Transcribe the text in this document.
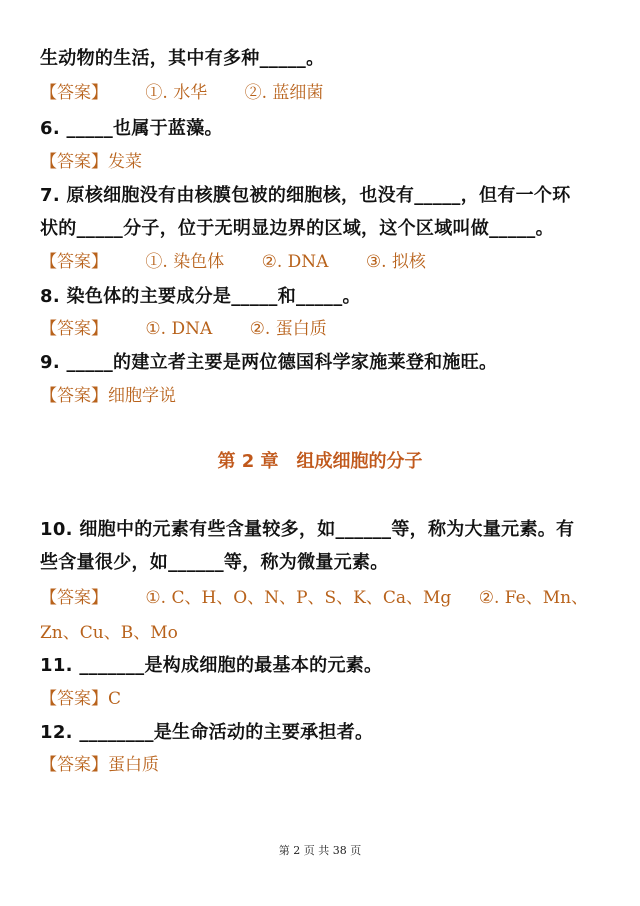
生动物的生活，其中有多种_____。

【答案】 ①. 水华 ②. 蓝细菌

6. _____也属于蓝藻。

【答案】发菜

7. 原核细胞没有由核膜包被的细胞核，也没有_____，但有一个环

状的_____分子，位于无明显边界的区域，这个区域叫做_____。

【答案】 ①. 染色体 ②. DNA ③. 拟核

8. 染色体的主要成分是_____和_____。

【答案】 ①. DNA ②. 蛋白质

9. _____的建立者主要是两位德国科学家施莱登和施旺。

【答案】细胞学说

第 2 章 组成细胞的分子

10. 细胞中的元素有些含量较多，如______等，称为大量元素。有

些含量很少，如______等，称为微量元素。

【答案】 ①. C、H、O、N、P、S、K、Ca、Mg ②. Fe、Mn、

Zn、Cu、B、Mo

11. _______是构成细胞的最基本的元素。

【答案】C

12. ________是生命活动的主要承担者。

【答案】蛋白质

第 2 页 共 38 页
